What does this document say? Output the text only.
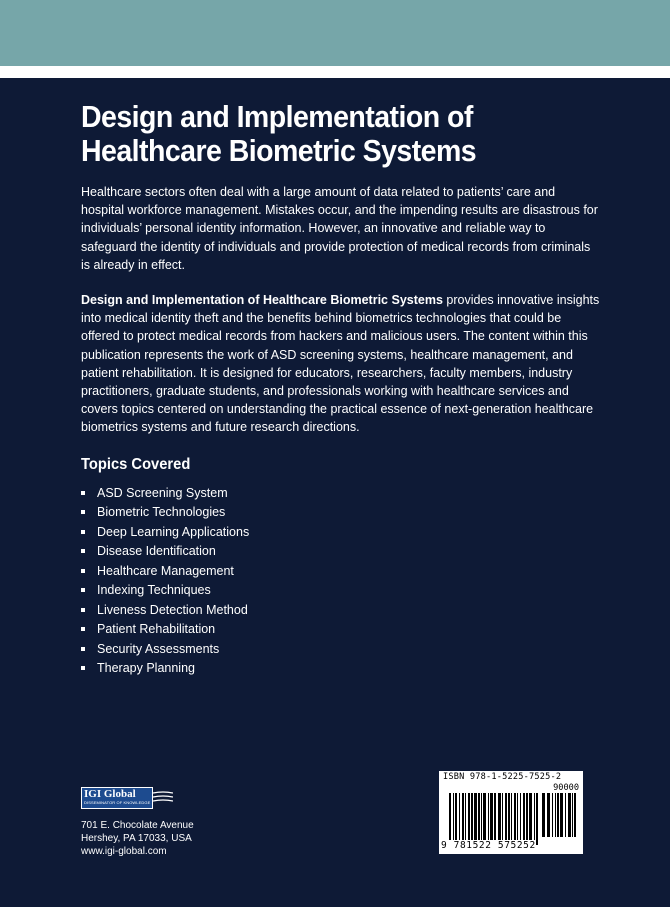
Design and Implementation of
Healthcare Biometric Systems

Healthcare sectors often deal with a large amount of data related to patients’ care and hospital workforce management. Mistakes occur, and the impending results are disastrous for individuals’ personal identity information. However, an innovative and reliable way to safeguard the identity of individuals and provide protection of medical records from criminals is already in effect.

Design and Implementation of Healthcare Biometric Systems provides innovative insights into medical identity theft and the benefits behind biometrics technologies that could be offered to protect medical records from hackers and malicious users. The content within this publication represents the work of ASD screening systems, healthcare management, and patient rehabilitation. It is designed for educators, researchers, faculty members, industry practitioners, graduate students, and professionals working with healthcare services and covers topics centered on understanding the practical essence of next-generation healthcare biometrics systems and future research directions.

Topics Covered
ASD Screening System
Biometric Technologies
Deep Learning Applications
Disease Identification
Healthcare Management
Indexing Techniques
Liveness Detection Method
Patient Rehabilitation
Security Assessments
Therapy Planning
IGI Global
DISSEMINATOR OF KNOWLEDGE
701 E. Chocolate Avenue
Hershey, PA 17033, USA
www.igi-global.com
ISBN 978-1-5225-7525-2
90000
9 781522 575252
